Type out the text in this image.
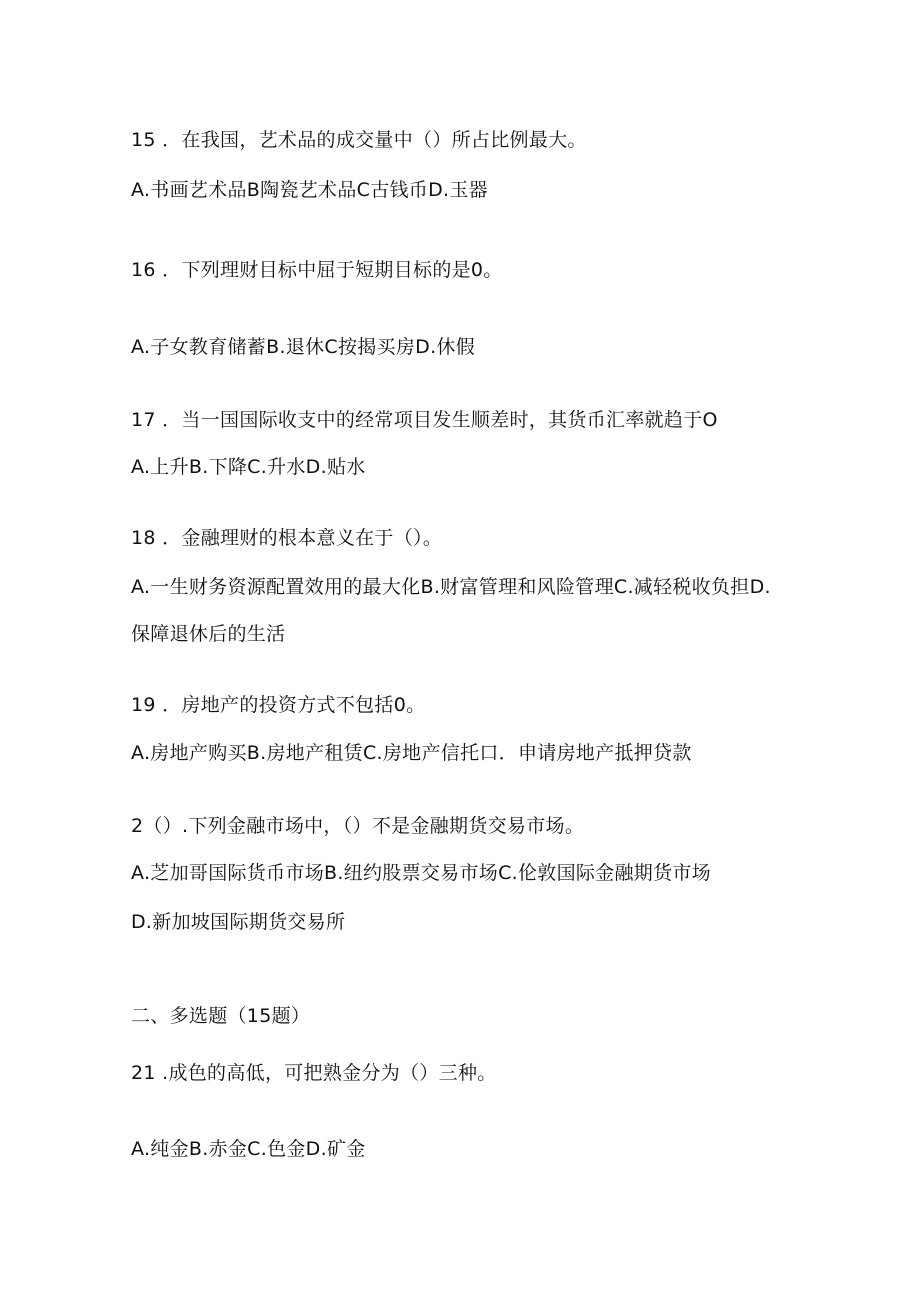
15 ．在我国，艺术品的成交量中（）所占比例最大。
A.书画艺术品B陶瓷艺术品C古钱币D.玉器
16 ．下列理财目标中屈于短期目标的是0。
A.子女教育储蓄B.退休C按揭买房D.休假
17 ．当一国国际收支中的经常项目发生顺差时，其货币汇率就趋于O
A.上升B.下降C.升水D.贴水
18 ．金融理财的根本意义在于（）。
A.一生财务资源配置效用的最大化B.财富管理和风险管理C.减轻税收负担D.
保障退休后的生活
19 ．房地产的投资方式不包括0。
A.房地产购买B.房地产租赁C.房地产信托口．申请房地产抵押贷款
2（）.下列金融市场中，（）不是金融期货交易市场。
A.芝加哥国际货币市场B.纽约股票交易市场C.伦敦国际金融期货市场
D.新加坡国际期货交易所
二、多选题（15题）
21 .成色的高低，可把熟金分为（）三种。
A.纯金B.赤金C.色金D.矿金
